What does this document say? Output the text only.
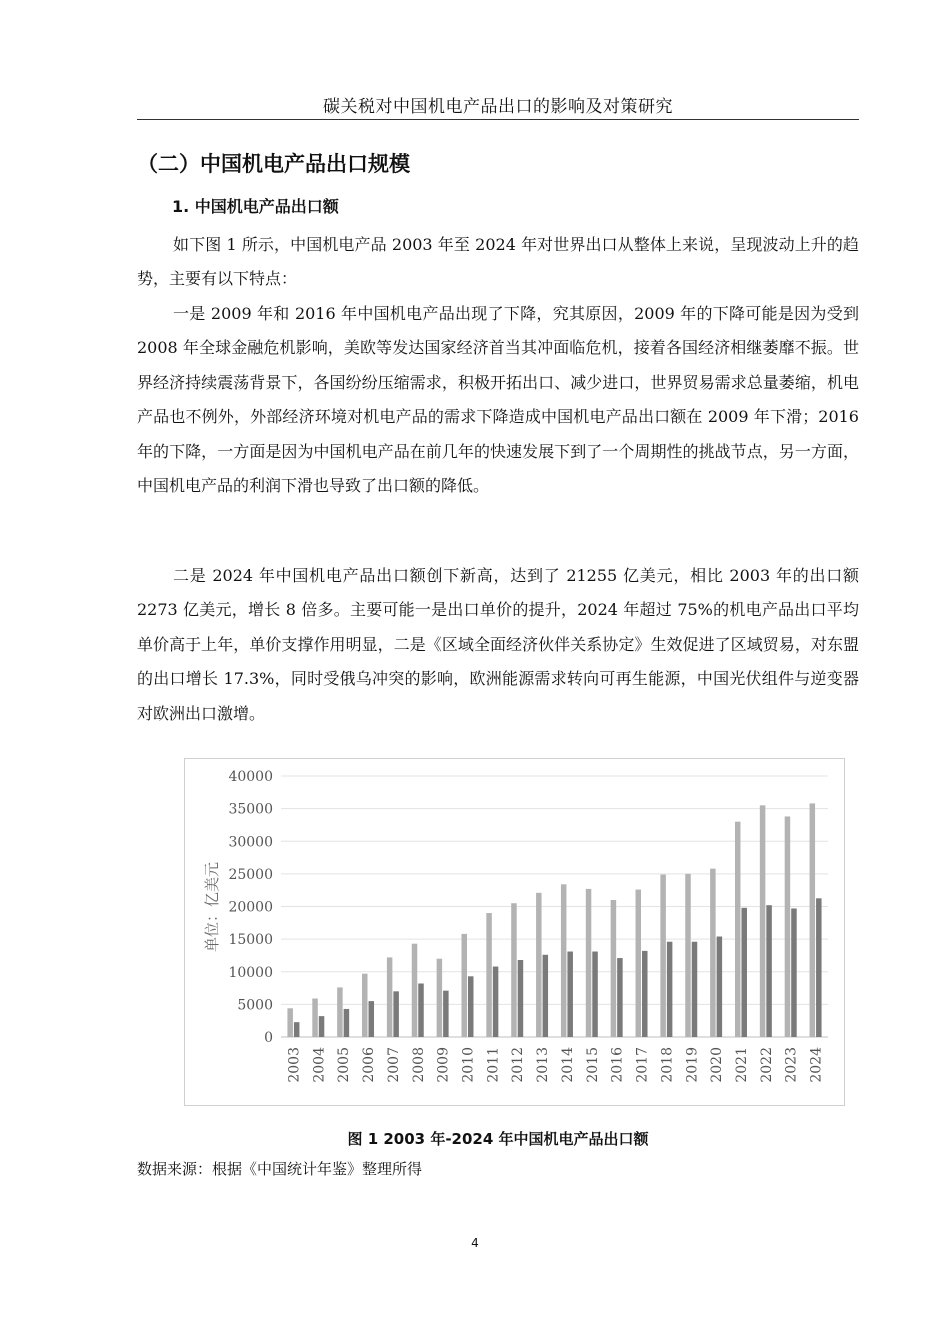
碳关税对中国机电产品出口的影响及对策研究
（二）中国机电产品出口规模
1. 中国机电产品出口额

如下图 1 所示，中国机电产品 2003 年至 2024 年对世界出口从整体上来说，呈现波动上升的趋势，主要有以下特点：

一是 2009 年和 2016 年中国机电产品出现了下降，究其原因，2009 年的下降可能是因为受到 2008 年全球金融危机影响，美欧等发达国家经济首当其冲面临危机，接着各国经济相继萎靡不振。世界经济持续震荡背景下，各国纷纷压缩需求，积极开拓出口、减少进口，世界贸易需求总量萎缩，机电产品也不例外，外部经济环境对机电产品的需求下降造成中国机电产品出口额在 2009 年下滑；2016 年的下降，一方面是因为中国机电产品在前几年的快速发展下到了一个周期性的挑战节点，另一方面，中国机电产品的利润下滑也导致了出口额的降低。

二是 2024 年中国机电产品出口额创下新高，达到了 21255 亿美元，相比 2003 年的出口额 2273 亿美元，增长 8 倍多。主要可能一是出口单价的提升，2024 年超过 75%的机电产品出口平均单价高于上年，单价支撑作用明显，二是《区域全面经济伙伴关系协定》生效促进了区域贸易，对东盟的出口增长 17.3%，同时受俄乌冲突的影响，欧洲能源需求转向可再生能源，中国光伏组件与逆变器对欧洲出口激增。

0
5000
10000
15000
20000
25000
30000
35000
40000
2003 2004 2005 2006 2007 2008 2009 2010 2011 2012 2013 2014 2015 2016 2017 2018 2019 2020 2021 2022 2023 2024
单位：亿美元
图 1 2003 年-2024 年中国机电产品出口额
数据来源：根据《中国统计年鉴》整理所得
4
